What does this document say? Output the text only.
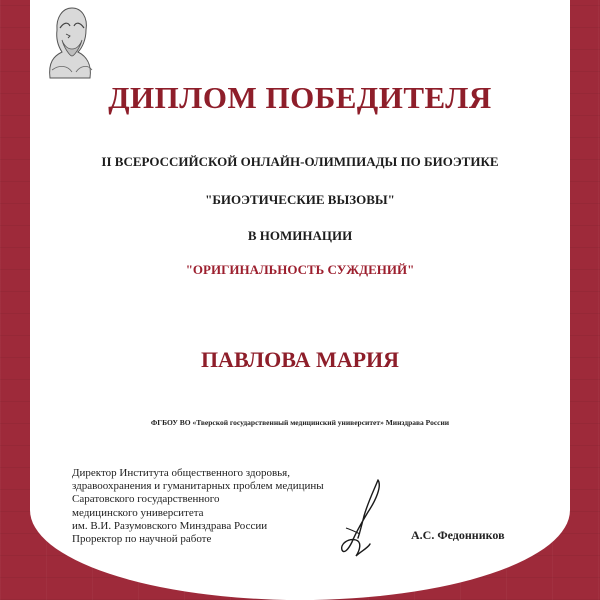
ДИПЛОМ ПОБЕДИТЕЛЯ
II ВСЕРОССИЙСКОЙ ОНЛАЙН-ОЛИМПИАДЫ ПО БИОЭТИКЕ
"БИОЭТИЧЕСКИЕ ВЫЗОВЫ"
В НОМИНАЦИИ
"ОРИГИНАЛЬНОСТЬ СУЖДЕНИЙ"
ПАВЛОВА МАРИЯ
ФГБОУ ВО «Тверской государственный медицинский университет» Минздрава России
Директор Института общественного здоровья,
здравоохранения и гуманитарных проблем медицины
Саратовского государственного
медицинского университета
им. В.И. Разумовского Минздрава России
Проректор по научной работе	А.С. Федонников
